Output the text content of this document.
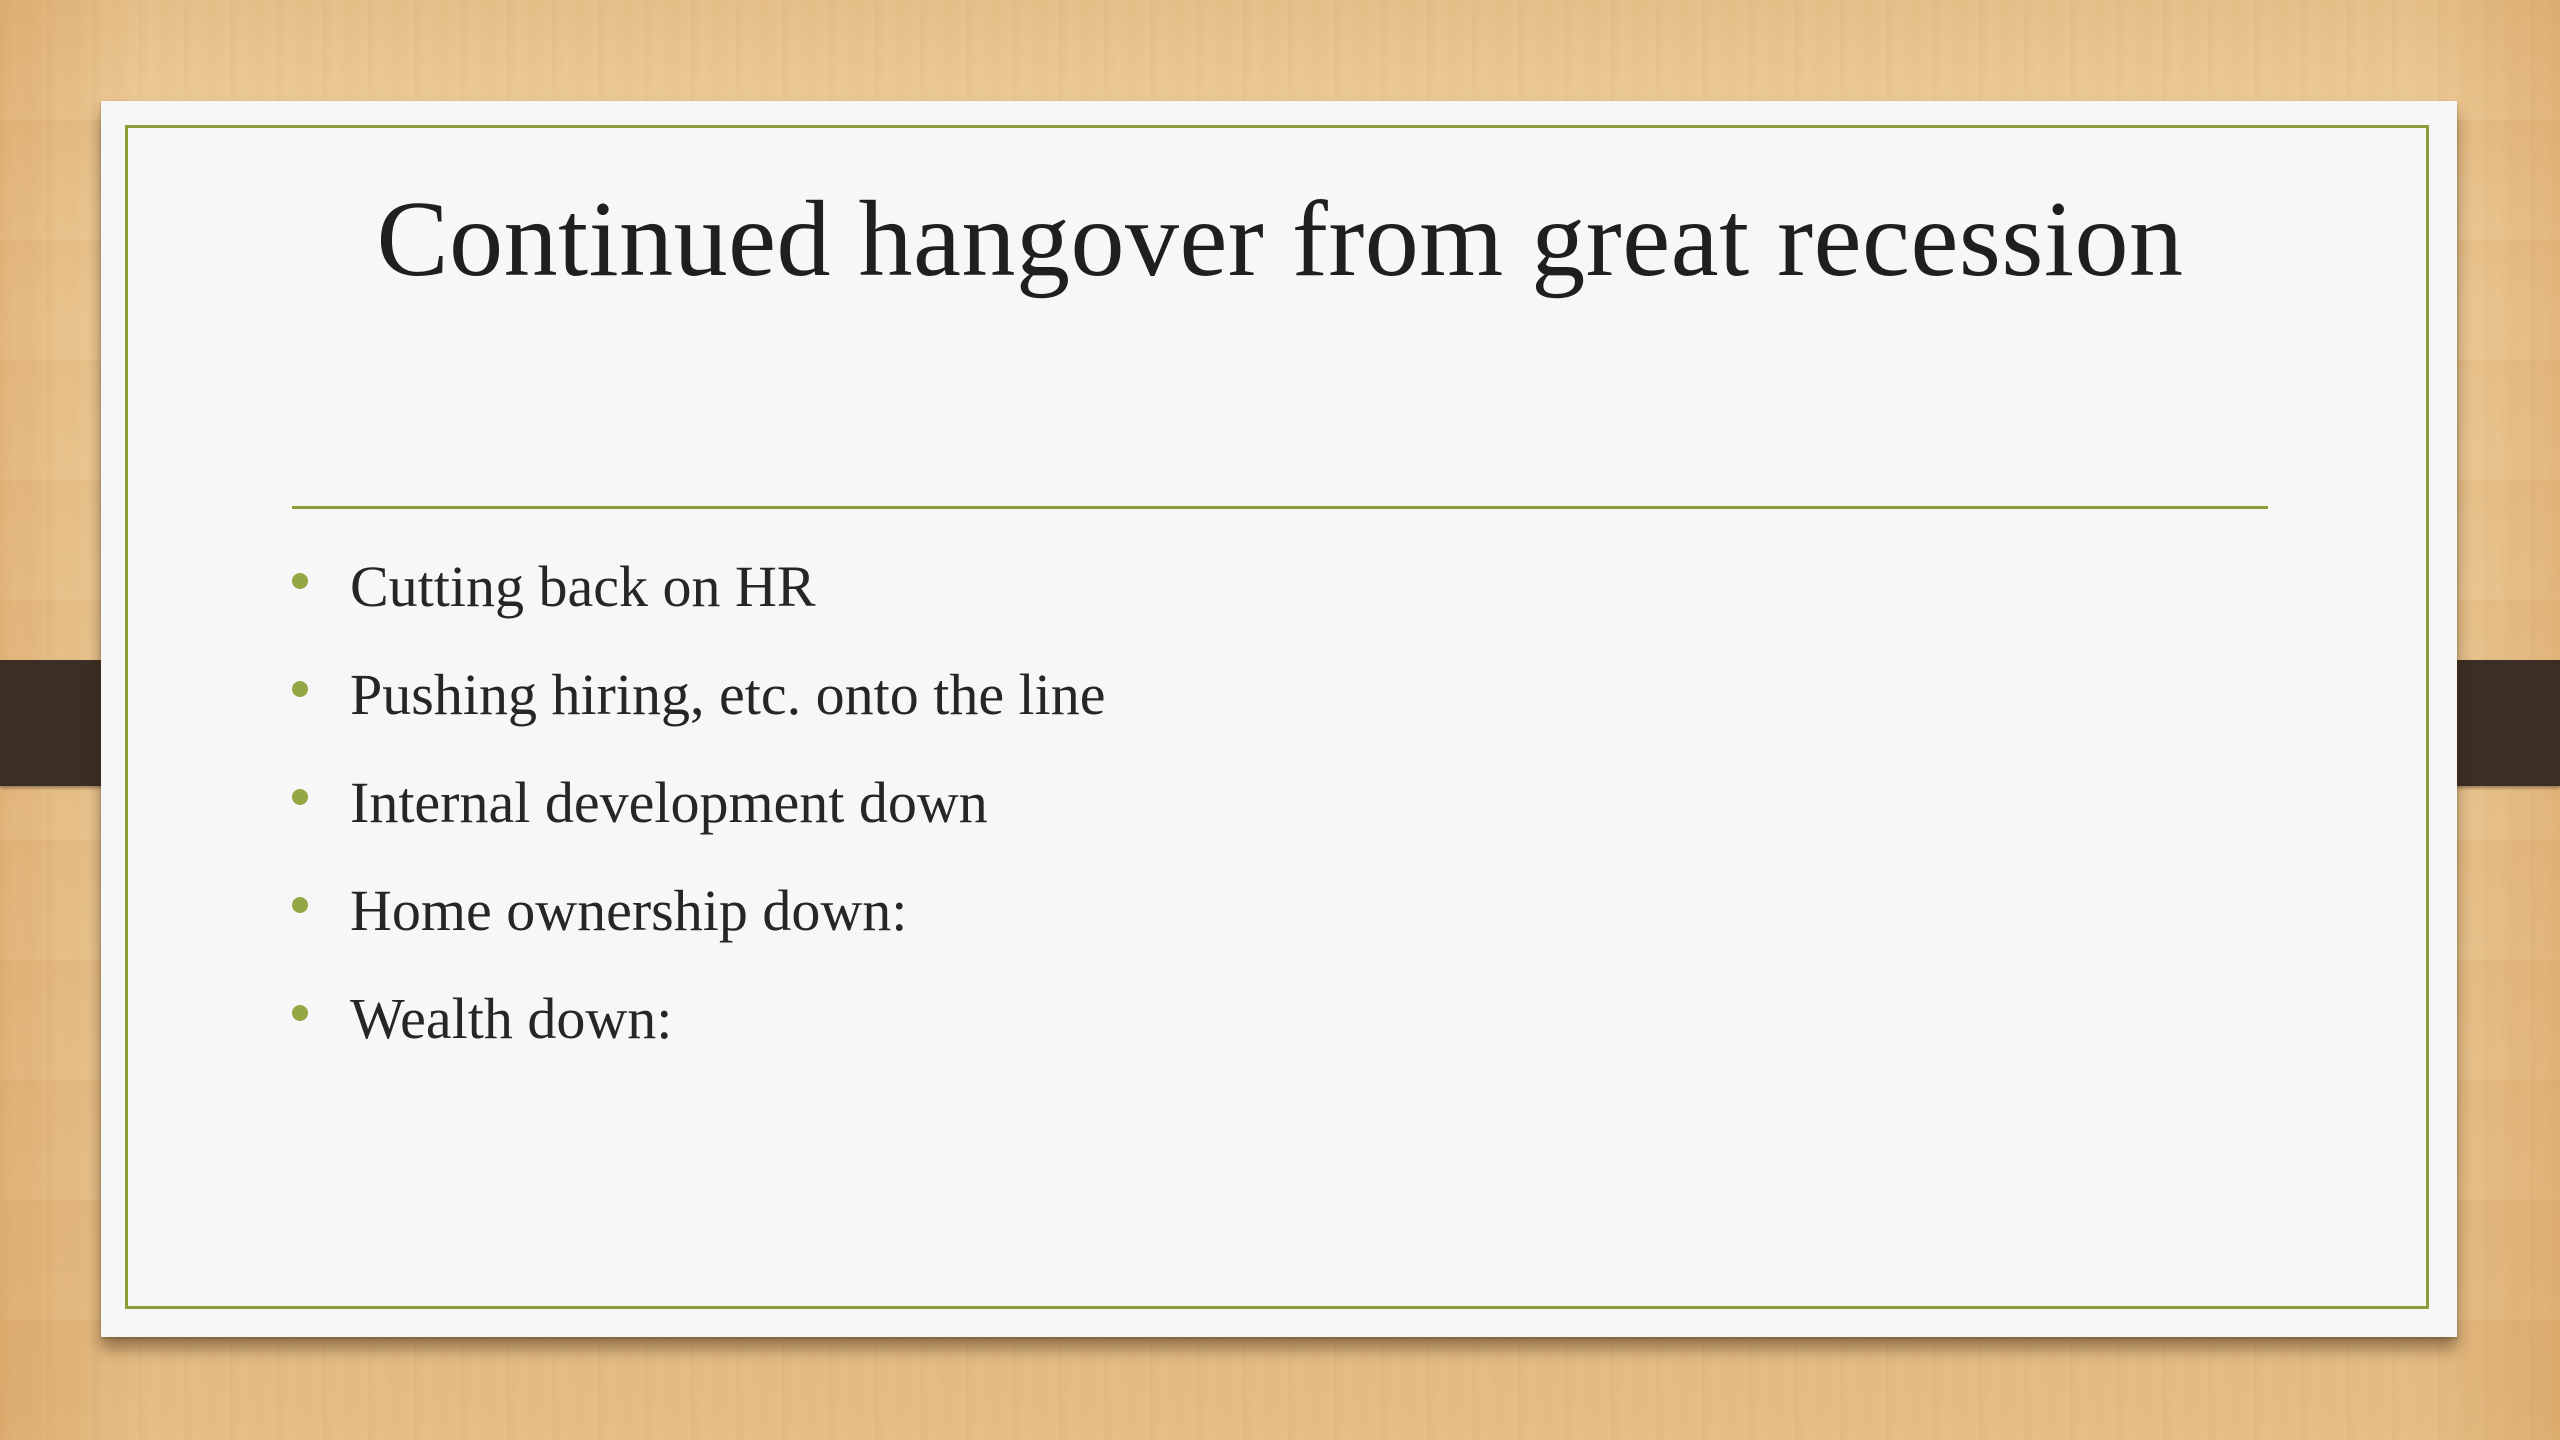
Continued hangover from great recession
Cutting back on HR
Pushing hiring, etc. onto the line
Internal development down
Home ownership down:
Wealth down:
